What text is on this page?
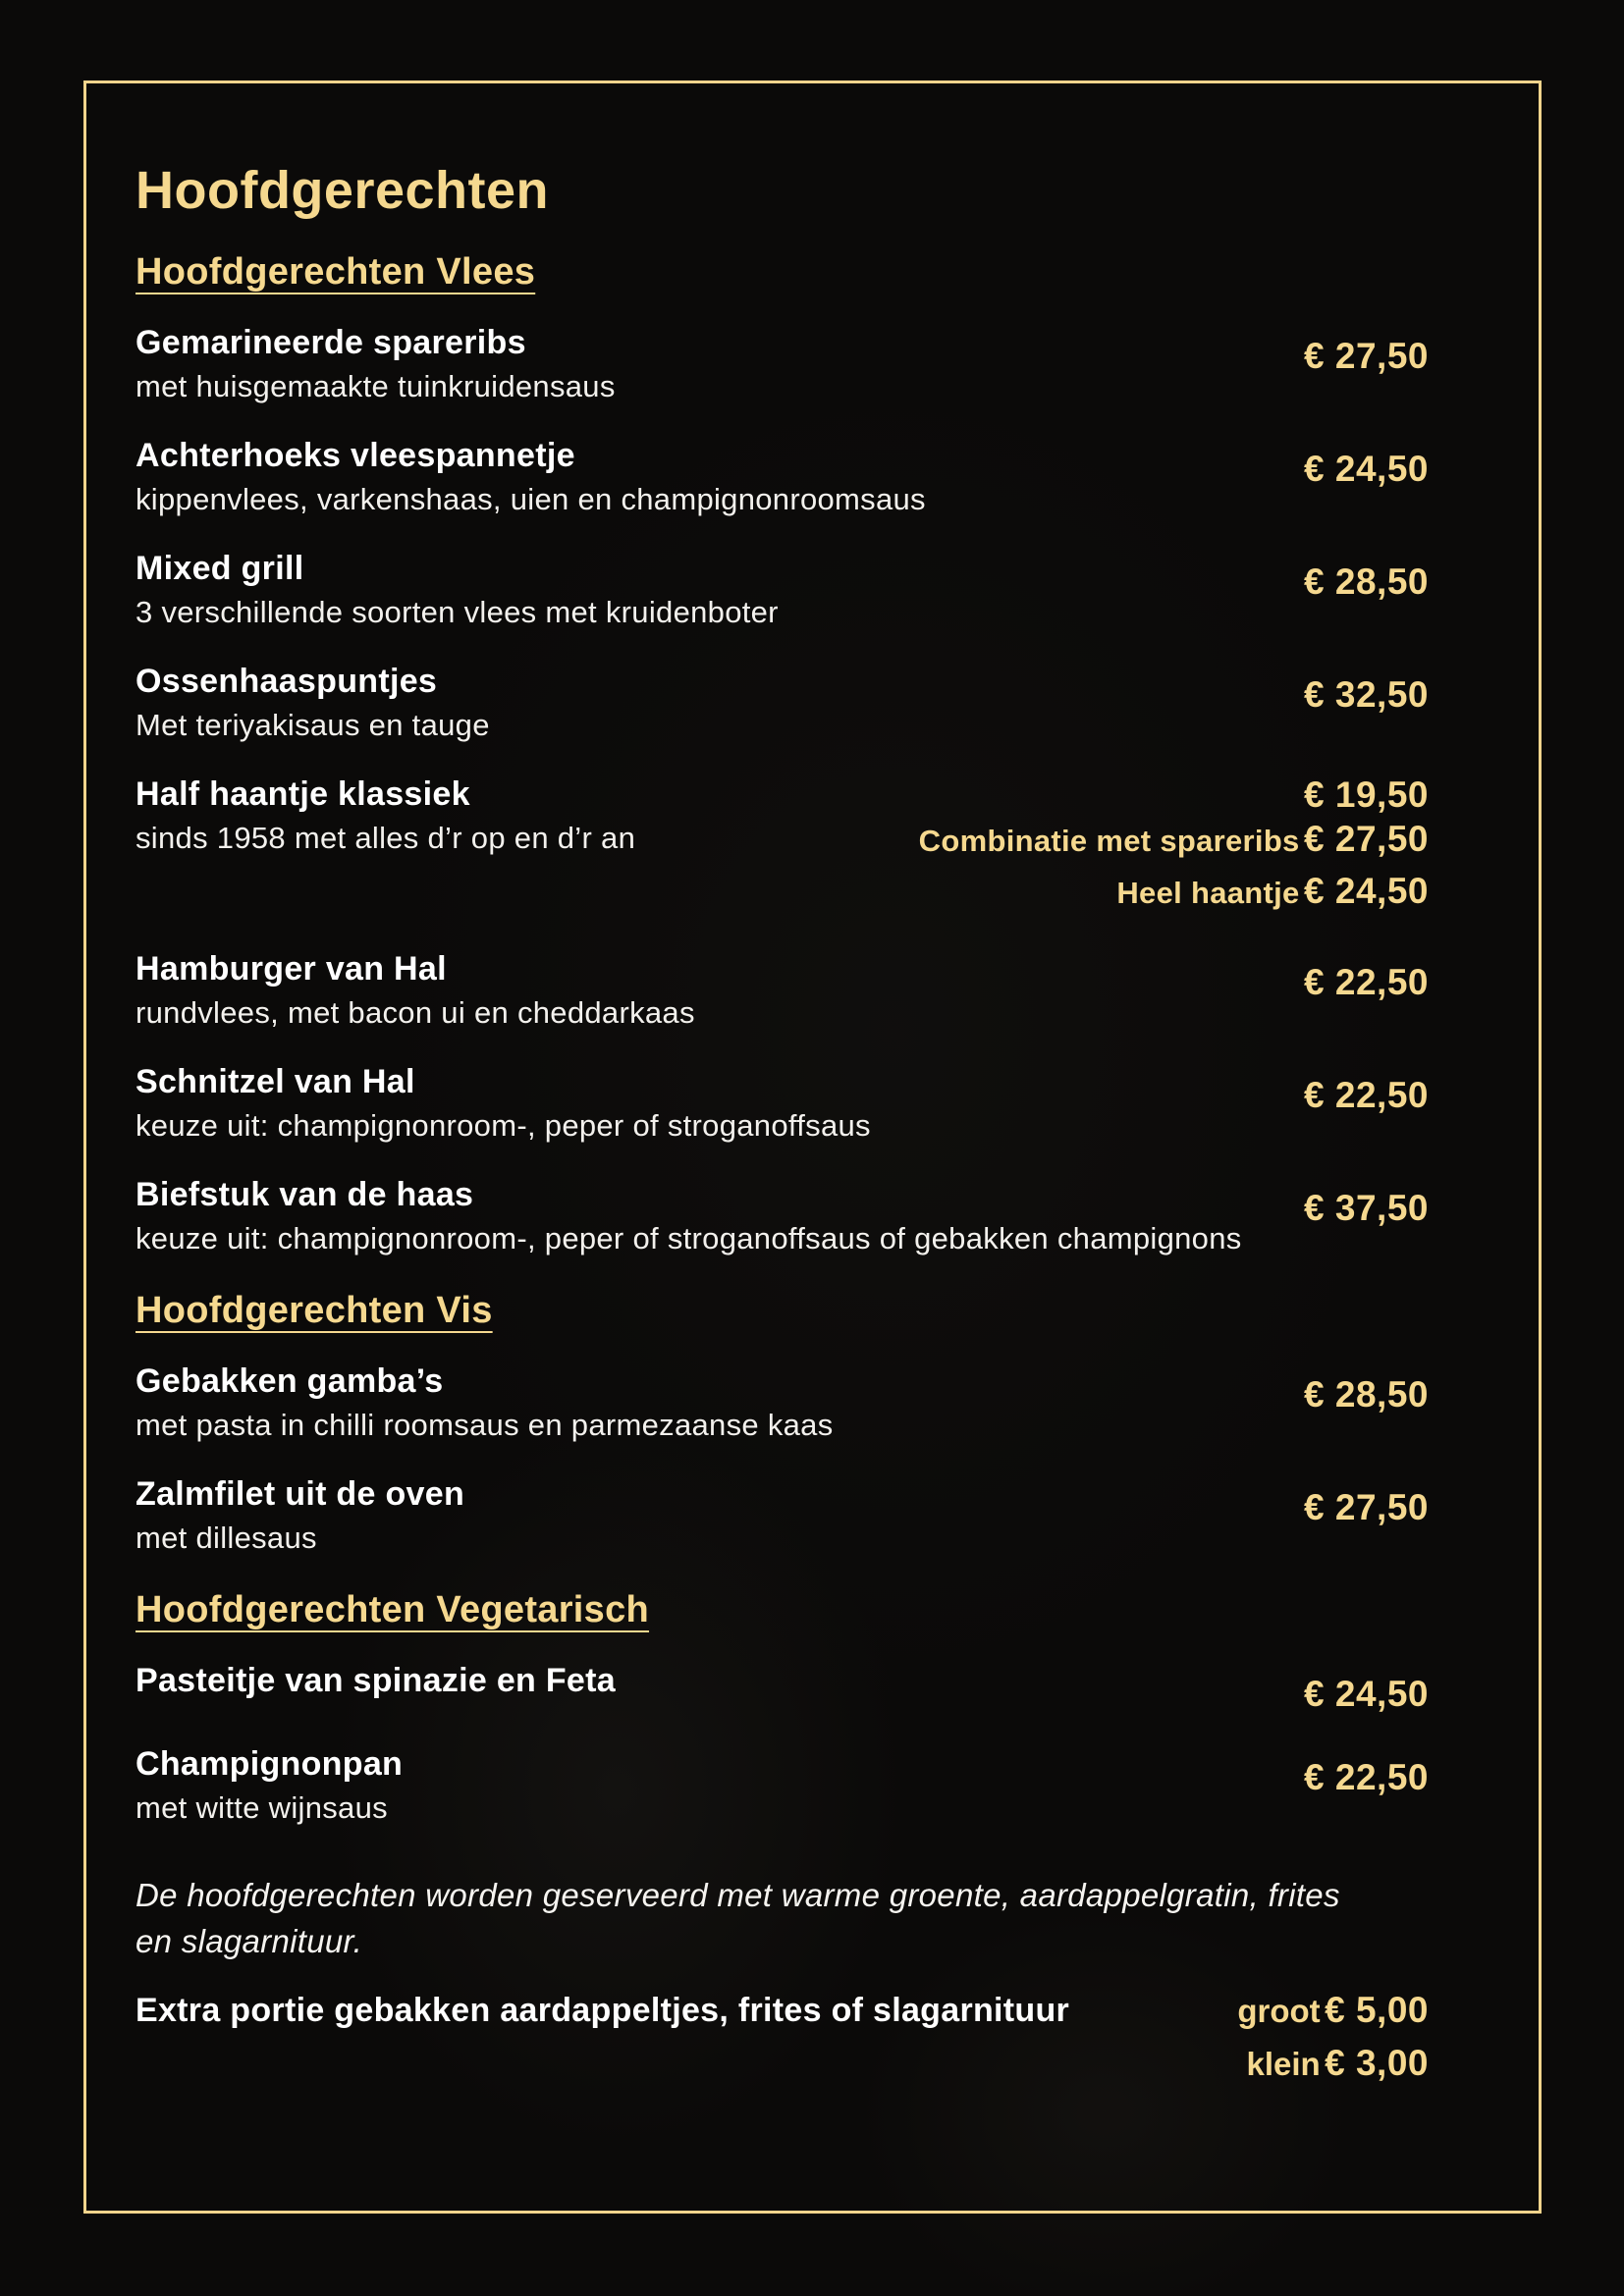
Hoofdgerechten
Hoofdgerechten Vlees
Gemarineerde spareribs
met huisgemaakte tuinkruidensaus
€ 27,50
Achterhoeks vleespannetje
kippenvlees, varkenshaas, uien en champignonroomsaus
€ 24,50
Mixed grill
3 verschillende soorten vlees met kruidenboter
€ 28,50
Ossenhaaspuntjes
Met teriyakisaus en tauge
€ 32,50
Half haantje klassiek
sinds 1958 met alles d’r op en d’r an
€ 19,50
Combinatie met spareribs € 27,50
Heel haantje € 24,50
Hamburger van Hal
rundvlees, met bacon ui en cheddarkaas
€ 22,50
Schnitzel van Hal
keuze uit: champignonroom-, peper of stroganoffsaus
€ 22,50
Biefstuk van de haas
keuze uit: champignonroom-, peper of stroganoffsaus of gebakken champignons
€ 37,50
Hoofdgerechten Vis
Gebakken gamba’s
met pasta in chilli roomsaus en parmezaanse kaas
€ 28,50
Zalmfilet uit de oven
met dillesaus
€ 27,50
Hoofdgerechten Vegetarisch
Pasteitje van spinazie en Feta	€ 24,50
Champignonpan
met witte wijnsaus
€ 22,50

De hoofdgerechten worden geserveerd met warme groente, aardappelgratin, frites en slagarnituur.

Extra portie gebakken aardappeltjes, frites of slagarnituur	groot € 5,00
klein € 3,00
